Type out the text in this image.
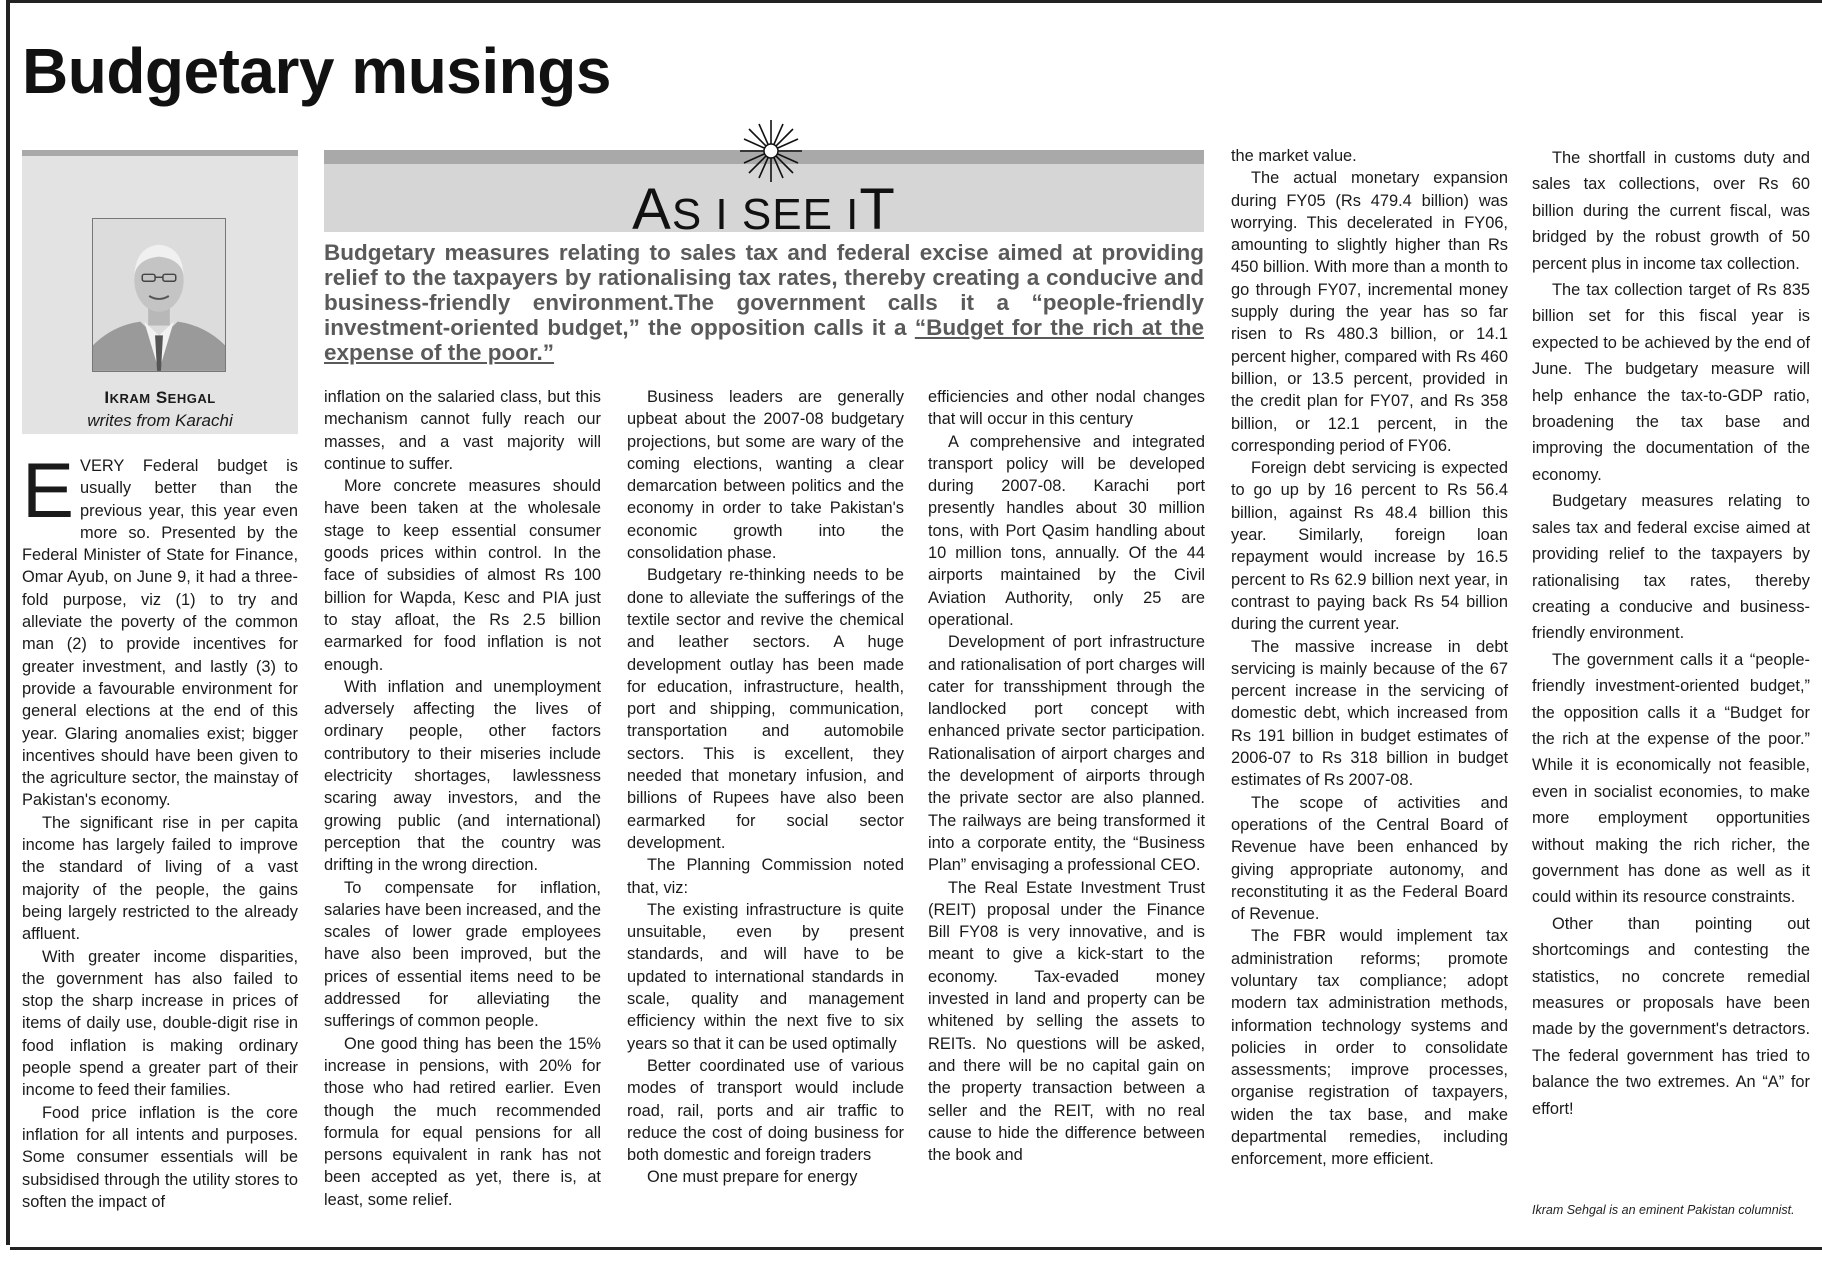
Budgetary musings
IKRAM SEHGAL
writes from Karachi
AS I SEE IT
Budgetary measures relating to sales tax and federal excise aimed at providing relief to the taxpayers by rationalising tax rates, thereby creating a conducive and business-friendly environment.The government calls it a “people-friendly investment-oriented budget,” the opposition calls it a “Budget for the rich at the expense of the poor.”

EVERY Federal budget is usually better than the previous year, this year even more so. Presented by the Federal Minister of State for Finance, Omar Ayub, on June 9, it had a three-fold purpose, viz (1) to try and alleviate the poverty of the common man (2) to provide incentives for greater investment, and lastly (3) to provide a favourable environment for general elections at the end of this year. Glaring anomalies exist; bigger incentives should have been given to the agriculture sector, the mainstay of Pakistan's economy.

The significant rise in per capita income has largely failed to improve the standard of living of a vast majority of the people, the gains being largely restricted to the already affluent.

With greater income disparities, the government has also failed to stop the sharp increase in prices of items of daily use, double-digit rise in food inflation is making ordinary people spend a greater part of their income to feed their families.

Food price inflation is the core inflation for all intents and purposes. Some consumer essentials will be subsidised through the utility stores to soften the impact of

inflation on the salaried class, but this mechanism cannot fully reach our masses, and a vast majority will continue to suffer.

More concrete measures should have been taken at the wholesale stage to keep essential consumer goods prices within control. In the face of subsidies of almost Rs 100 billion for Wapda, Kesc and PIA just to stay afloat, the Rs 2.5 billion earmarked for food inflation is not enough.

With inflation and unemployment adversely affecting the lives of ordinary people, other factors contributory to their miseries include electricity shortages, lawlessness scaring away investors, and the growing public (and international) perception that the country was drifting in the wrong direction.

To compensate for inflation, salaries have been increased, and the scales of lower grade employees have also been improved, but the prices of essential items need to be addressed for alleviating the sufferings of common people.

One good thing has been the 15% increase in pensions, with 20% for those who had retired earlier. Even though the much recommended formula for equal pensions for all persons equivalent in rank has not been accepted as yet, there is, at least, some relief.

Business leaders are generally upbeat about the 2007-08 budgetary projections, but some are wary of the coming elections, wanting a clear demarcation between politics and the economy in order to take Pakistan's economic growth into the consolidation phase.

Budgetary re-thinking needs to be done to alleviate the sufferings of the textile sector and revive the chemical and leather sectors. A huge development outlay has been made for education, infrastructure, health, port and shipping, communication, transportation and automobile sectors. This is excellent, they needed that monetary infusion, and billions of Rupees have also been earmarked for social sector development.

The Planning Commission noted that, viz:

The existing infrastructure is quite unsuitable, even by present standards, and will have to be updated to international standards in scale, quality and management efficiency within the next five to six years so that it can be used optimally

Better coordinated use of various modes of transport would include road, rail, ports and air traffic to reduce the cost of doing business for both domestic and foreign traders

One must prepare for energy

efficiencies and other nodal changes that will occur in this century

A comprehensive and integrated transport policy will be developed during 2007-08. Karachi port presently handles about 30 million tons, with Port Qasim handling about 10 million tons, annually. Of the 44 airports maintained by the Civil Aviation Authority, only 25 are operational.

Development of port infrastructure and rationalisation of port charges will cater for transshipment through the landlocked port concept with enhanced private sector participation. Rationalisation of airport charges and the development of airports through the private sector are also planned. The railways are being transformed it into a corporate entity, the “Business Plan” envisaging a professional CEO.

The Real Estate Investment Trust (REIT) proposal under the Finance Bill FY08 is very innovative, and is meant to give a kick-start to the economy. Tax-evaded money invested in land and property can be whitened by selling the assets to REITs. No questions will be asked, and there will be no capital gain on the property transaction between a seller and the REIT, with no real cause to hide the difference between the book and

the market value.

The actual monetary expansion during FY05 (Rs 479.4 billion) was worrying. This decelerated in FY06, amounting to slightly higher than Rs 450 billion. With more than a month to go through FY07, incremental money supply during the year has so far risen to Rs 480.3 billion, or 14.1 percent higher, compared with Rs 460 billion, or 13.5 percent, provided in the credit plan for FY07, and Rs 358 billion, or 12.1 percent, in the corresponding period of FY06.

Foreign debt servicing is expected to go up by 16 percent to Rs 56.4 billion, against Rs 48.4 billion this year. Similarly, foreign loan repayment would increase by 16.5 percent to Rs 62.9 billion next year, in contrast to paying back Rs 54 billion during the current year.

The massive increase in debt servicing is mainly because of the 67 percent increase in the servicing of domestic debt, which increased from Rs 191 billion in budget estimates of 2006-07 to Rs 318 billion in budget estimates of Rs 2007-08.

The scope of activities and operations of the Central Board of Revenue have been enhanced by giving appropriate autonomy, and reconstituting it as the Federal Board of Revenue.

The FBR would implement tax administration reforms; promote voluntary tax compliance; adopt modern tax administration methods, information technology systems and policies in order to consolidate assessments; improve processes, organise registration of taxpayers, widen the tax base, and make departmental remedies, including enforcement, more efficient.

The shortfall in customs duty and sales tax collections, over Rs 60 billion during the current fiscal, was bridged by the robust growth of 50 percent plus in income tax collection.

The tax collection target of Rs 835 billion set for this fiscal year is expected to be achieved by the end of June. The budgetary measure will help enhance the tax-to-GDP ratio, broadening the tax base and improving the documentation of the economy.

Budgetary measures relating to sales tax and federal excise aimed at providing relief to the taxpayers by rationalising tax rates, thereby creating a conducive and business-friendly environment.

The government calls it a “people-friendly investment-oriented budget,” the opposition calls it a “Budget for the rich at the expense of the poor.” While it is economically not feasible, even in socialist economies, to make more employment opportunities without making the rich richer, the government has done as well as it could within its resource constraints.

Other than pointing out shortcomings and contesting the statistics, no concrete remedial measures or proposals have been made by the government's detractors. The federal government has tried to balance the two extremes. An “A” for effort!

Ikram Sehgal is an eminent Pakistan columnist.
